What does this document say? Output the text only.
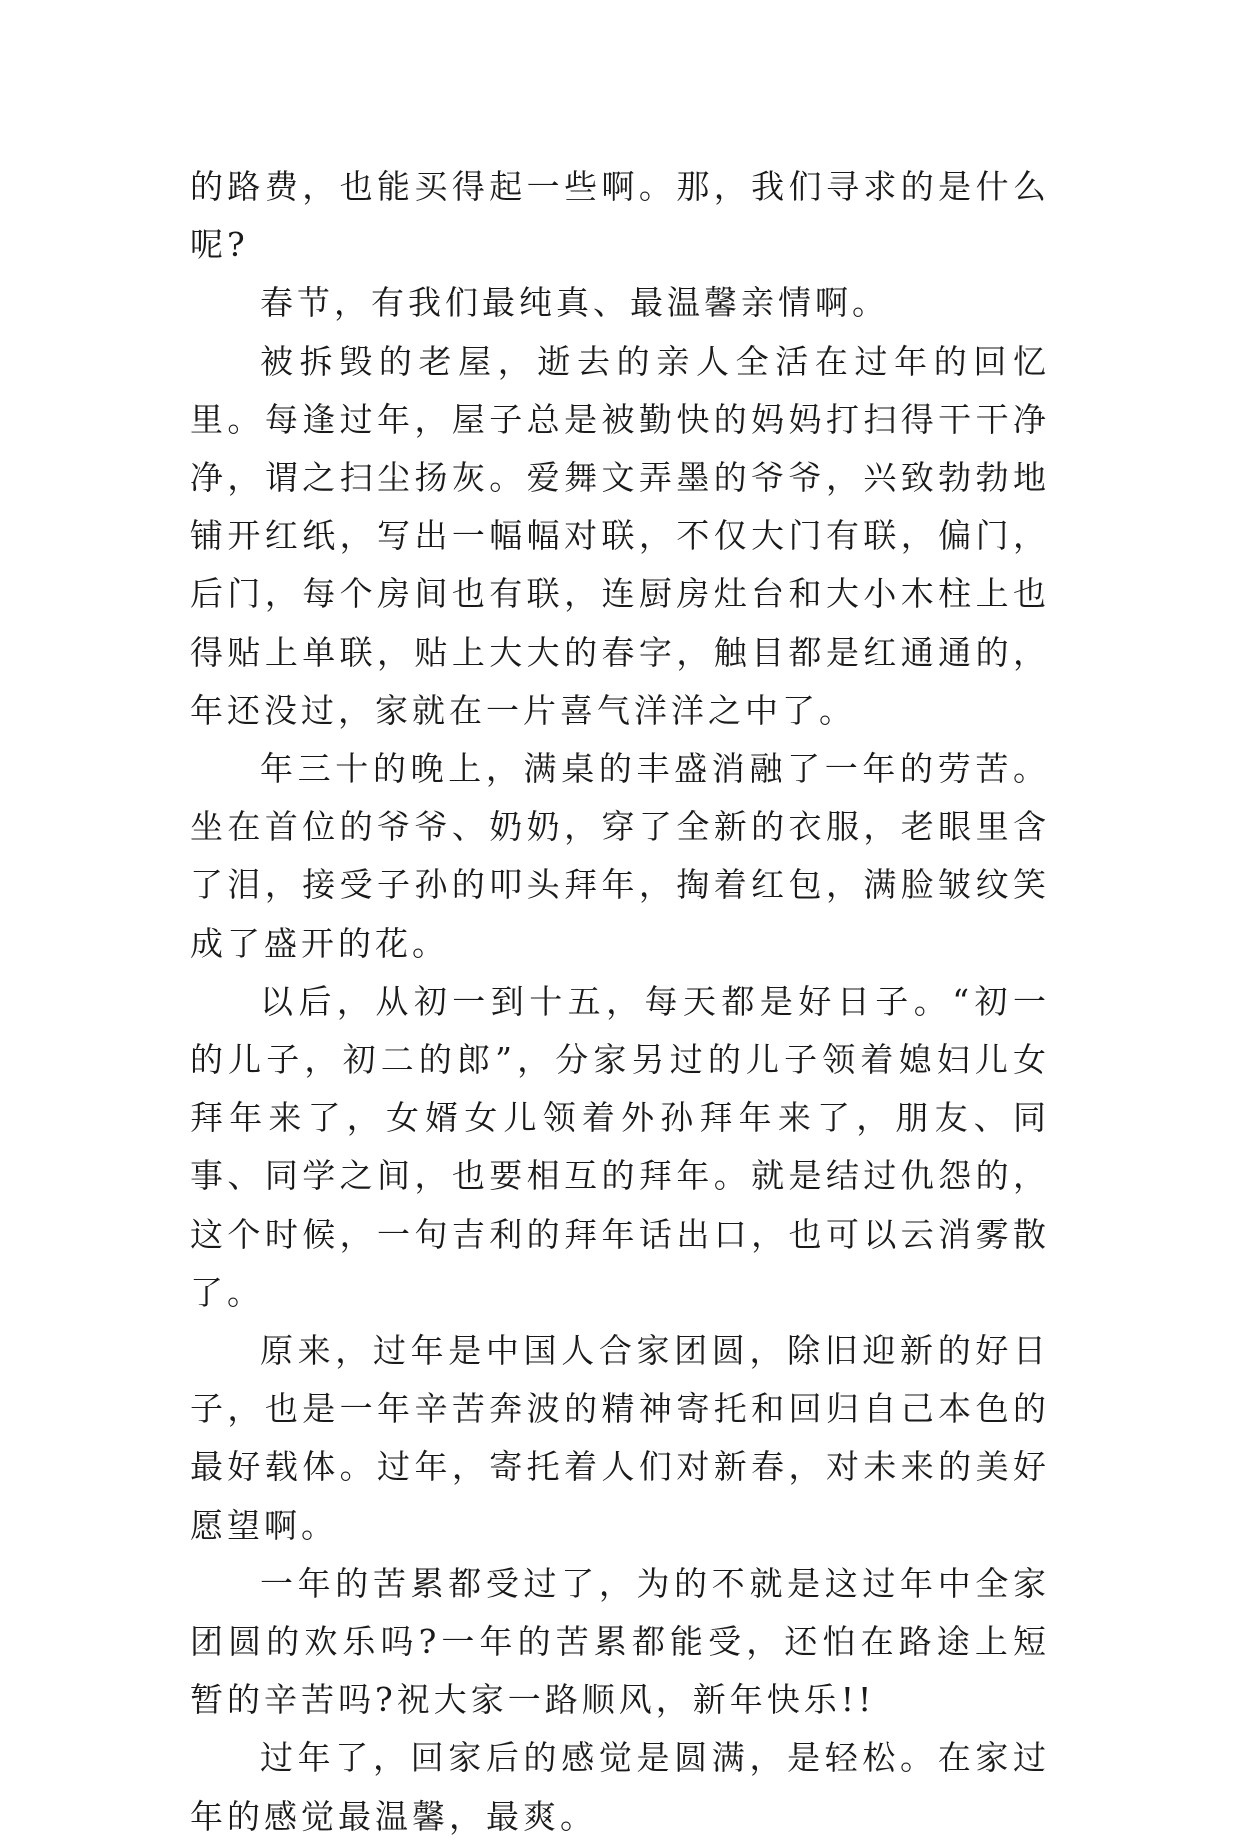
的路费，也能买得起一些啊。那，我们寻求的是什么呢?

春节，有我们最纯真、最温馨亲情啊。

被拆毁的老屋，逝去的亲人全活在过年的回忆里。每逢过年，屋子总是被勤快的妈妈打扫得干干净净，谓之扫尘扬灰。爱舞文弄墨的爷爷，兴致勃勃地铺开红纸，写出一幅幅对联，不仅大门有联，偏门，后门，每个房间也有联，连厨房灶台和大小木柱上也得贴上单联，贴上大大的春字，触目都是红通通的，年还没过，家就在一片喜气洋洋之中了。

年三十的晚上，满桌的丰盛消融了一年的劳苦。坐在首位的爷爷、奶奶，穿了全新的衣服，老眼里含了泪，接受子孙的叩头拜年，掏着红包，满脸皱纹笑成了盛开的花。

以后，从初一到十五，每天都是好日子。“初一的儿子，初二的郎”，分家另过的儿子领着媳妇儿女拜年来了，女婿女儿领着外孙拜年来了，朋友、同事、同学之间，也要相互的拜年。就是结过仇怨的，这个时候，一句吉利的拜年话出口，也可以云消雾散了。

原来，过年是中国人合家团圆，除旧迎新的好日子，也是一年辛苦奔波的精神寄托和回归自己本色的最好载体。过年，寄托着人们对新春，对未来的美好愿望啊。

一年的苦累都受过了，为的不就是这过年中全家团圆的欢乐吗?一年的苦累都能受，还怕在路途上短暂的辛苦吗?祝大家一路顺风，新年快乐!!

过年了，回家后的感觉是圆满，是轻松。在家过年的感觉最温馨，最爽。
